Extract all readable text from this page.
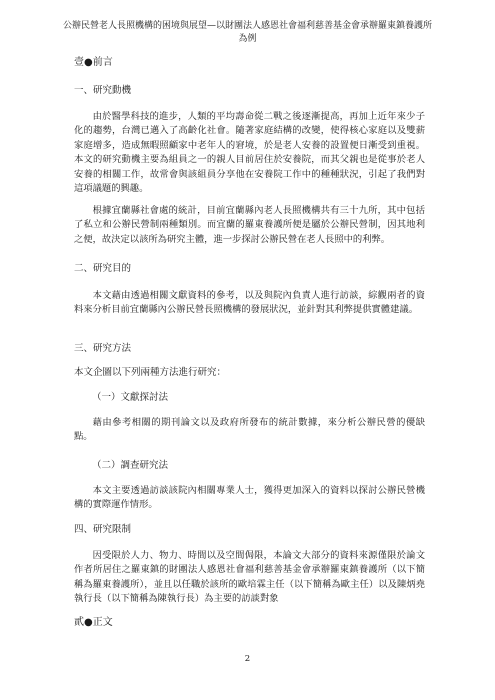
公辦民營老人長照機構的困境與展望—以財團法人感恩社會福利慈善基金會承辦羅東鎮養護所
為例
壹●前言
一、研究動機
由於醫學科技的進步，人類的平均壽命從二戰之後逐漸提高，再加上近年來少子化的趨勢，台灣已邁入了高齡化社會。隨著家庭結構的改變，使得核心家庭以及雙薪家庭增多，造成無暇照顧家中老年人的窘境，於是老人安養的設置便日漸受到重視。本文的研究動機主要為組員之一的親人目前居住於安養院，而其父親也是從事於老人安養的相關工作，故常會與該組員分享他在安養院工作中的種種狀況，引起了我們對這項議題的興趣。
根據宜蘭縣社會處的統計，目前宜蘭縣內老人長照機構共有三十九所，其中包括了私立和公辦民營制兩種類別。而宜蘭的羅東養護所便是屬於公辦民營制，因其地利之便，故決定以該所為研究主體，進一步探討公辦民營在老人長照中的利弊。
二、研究目的
本文藉由透過相關文獻資料的參考，以及與院內負責人進行訪談，綜觀兩者的資料來分析目前宜蘭縣內公辦民營長照機構的發展狀況，並針對其利弊提供實體建議。
三、研究方法
本文企圖以下列兩種方法進行研究：
（一）文獻探討法
藉由參考相關的期刊論文以及政府所發布的統計數據，來分析公辦民營的優缺點。
（二）調查研究法
本文主要透過訪談該院內相關專業人士，獲得更加深入的資料以探討公辦民營機構的實際運作情形。
四、研究限制
因受限於人力、物力、時間以及空間侷限，本論文大部分的資料來源僅限於論文作者所居住之羅東鎮的財團法人感恩社會福利慈善基金會承辦羅東鎮養護所（以下簡稱為羅東養護所），並且以任職於該所的歐培霖主任（以下簡稱為歐主任）以及陳炳堯執行長（以下簡稱為陳執行長）為主要的訪談對象
貳●正文
2
